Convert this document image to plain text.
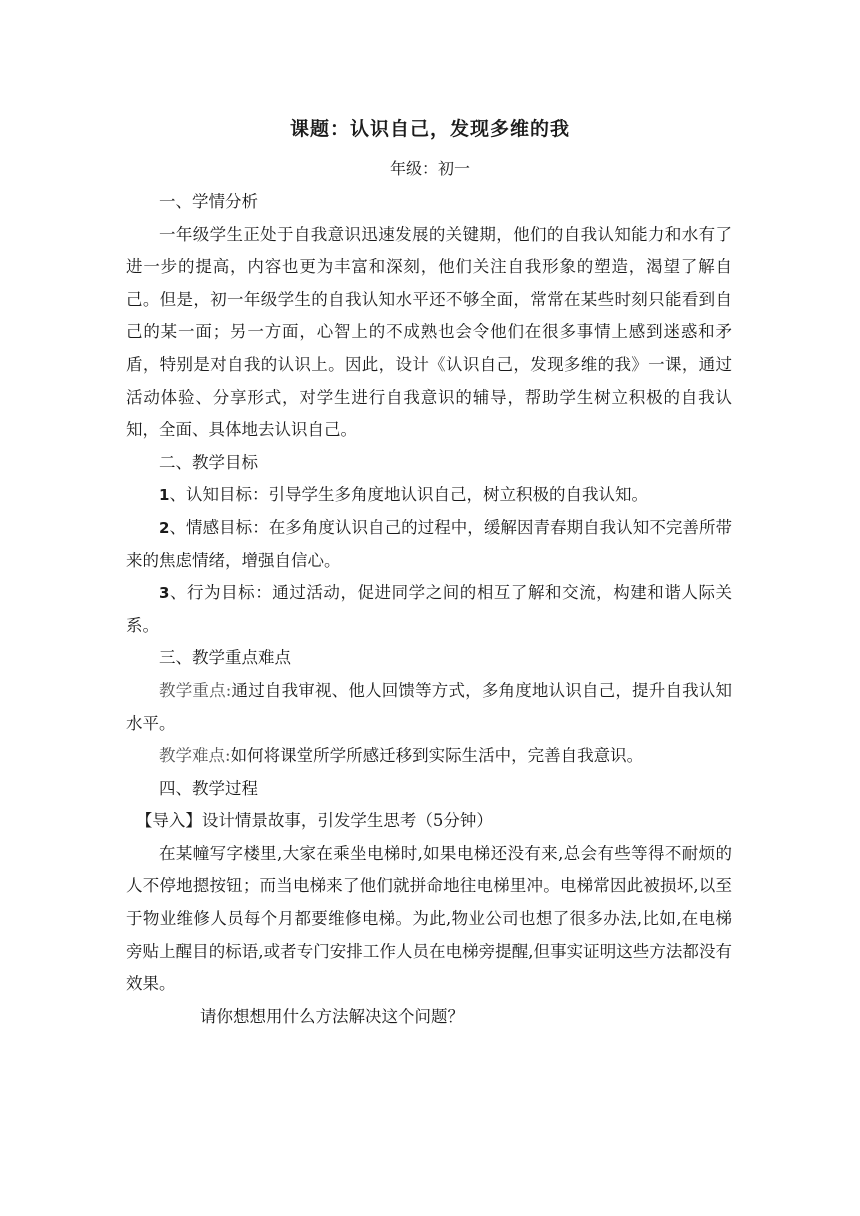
课题：认识自己，发现多维的我
年级：初一

一、学情分析

一年级学生正处于自我意识迅速发展的关键期，他们的自我认知能力和水有了进一步的提高，内容也更为丰富和深刻，他们关注自我形象的塑造，渴望了解自己。但是，初一年级学生的自我认知水平还不够全面，常常在某些时刻只能看到自己的某一面；另一方面，心智上的不成熟也会令他们在很多事情上感到迷惑和矛盾，特别是对自我的认识上。因此，设计《认识自己，发现多维的我》一课，通过活动体验、分享形式，对学生进行自我意识的辅导，帮助学生树立积极的自我认知，全面、具体地去认识自己。

二、教学目标

1、认知目标：引导学生多角度地认识自己，树立积极的自我认知。

2、情感目标：在多角度认识自己的过程中，缓解因青春期自我认知不完善所带来的焦虑情绪，增强自信心。

3、行为目标：通过活动，促进同学之间的相互了解和交流，构建和谐人际关系。

三、教学重点难点

教学重点:通过自我审视、他人回馈等方式，多角度地认识自己，提升自我认知水平。

教学难点:如何将课堂所学所感迁移到实际生活中，完善自我意识。

四、教学过程

【导入】设计情景故事，引发学生思考（5分钟）

在某幢写字楼里,大家在乘坐电梯时,如果电梯还没有来,总会有些等得不耐烦的人不停地摁按钮；而当电梯来了他们就拼命地往电梯里冲。电梯常因此被损坏,以至于物业维修人员每个月都要维修电梯。为此,物业公司也想了很多办法,比如,在电梯旁贴上醒目的标语,或者专门安排工作人员在电梯旁提醒,但事实证明这些方法都没有效果。

请你想想用什么方法解决这个问题？
